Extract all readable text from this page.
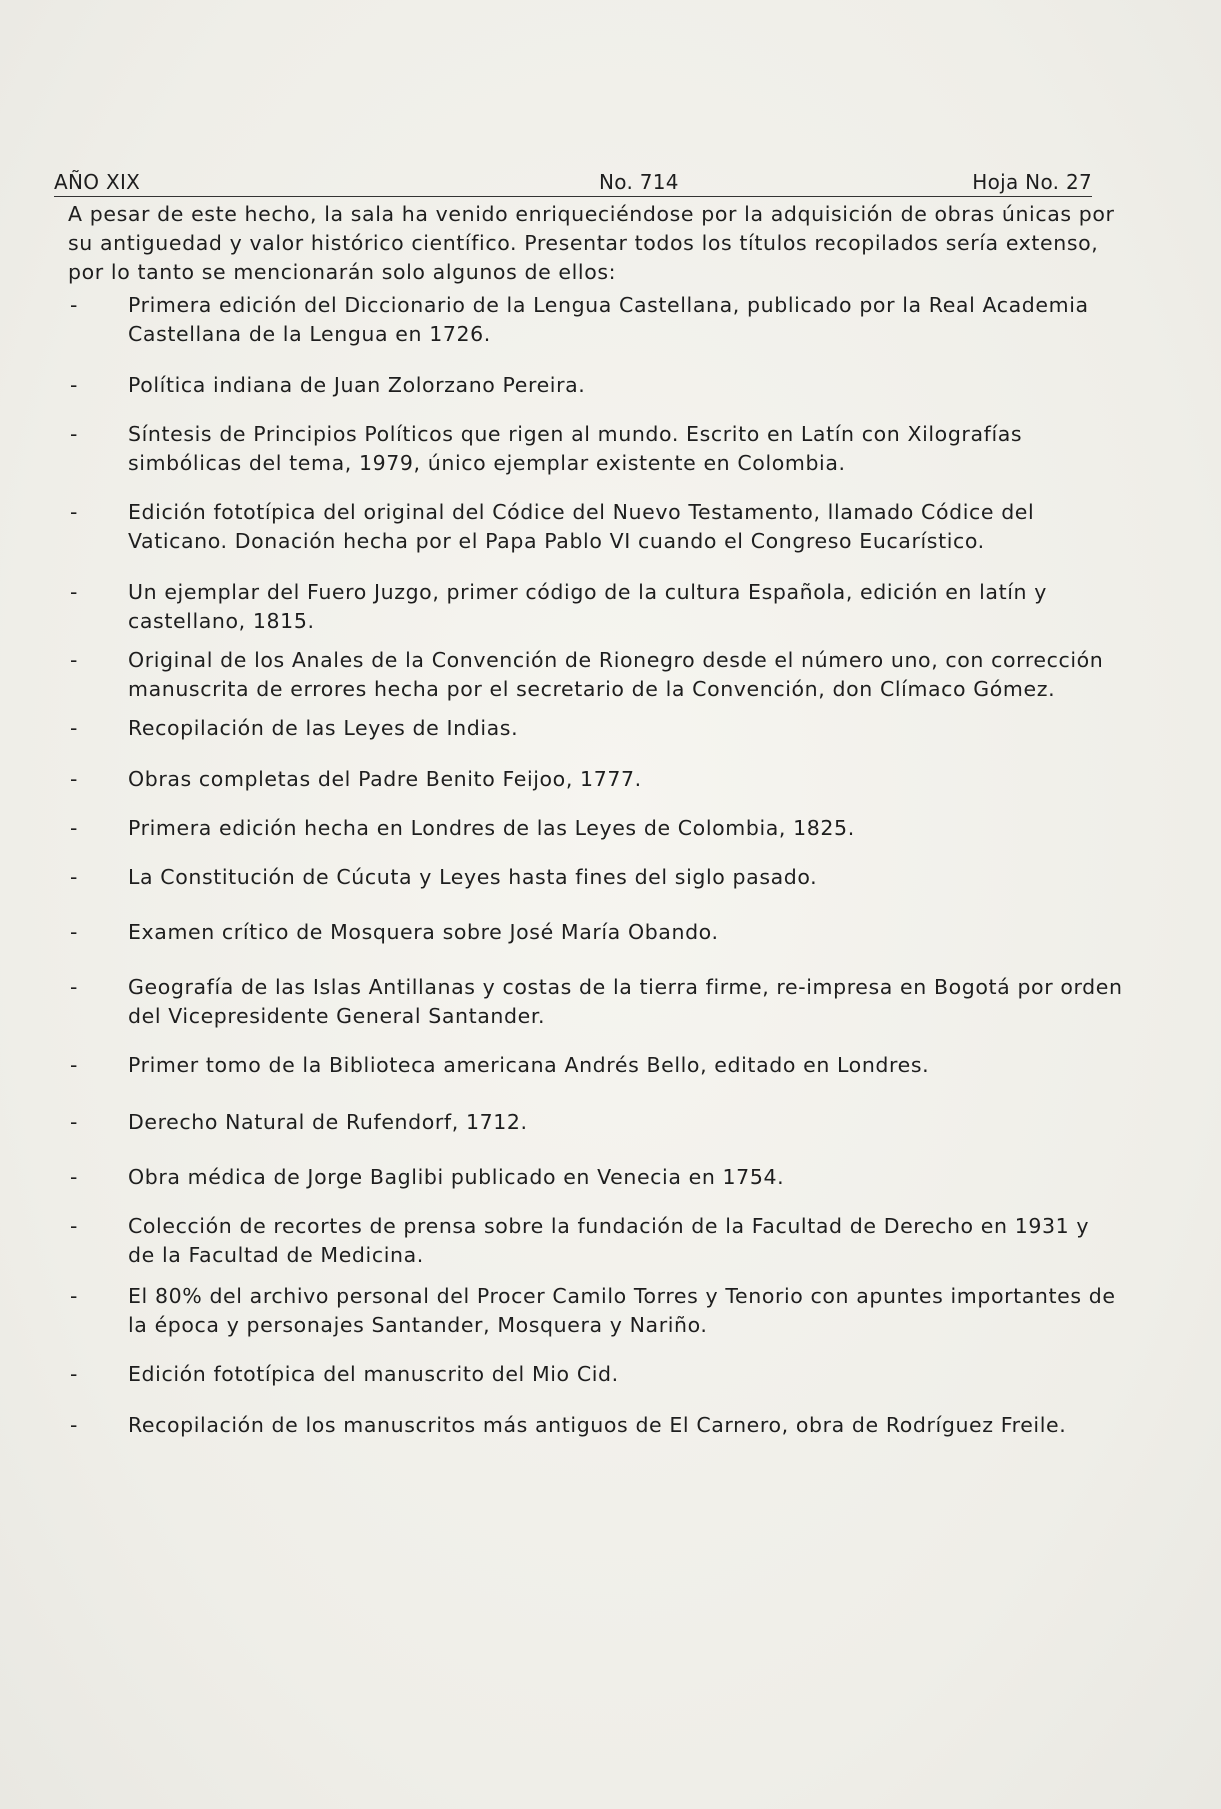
AÑO XIX	No. 714	Hoja No. 27

A pesar de este hecho, la sala ha venido enriqueciéndose por la adquisición de obras únicas por su antiguedad y valor histórico científico. Presentar todos los títulos recopilados sería extenso, por lo tanto se mencionarán solo algunos de ellos:

- Primera edición del Diccionario de la Lengua Castellana, publicado por la Real Academia Castellana de la Lengua en 1726.
- Política indiana de Juan Zolorzano Pereira.
- Síntesis de Principios Políticos que rigen al mundo. Escrito en Latín con Xilografías simbólicas del tema, 1979, único ejemplar existente en Colombia.
- Edición fototípica del original del Códice del Nuevo Testamento, llamado Códice del Vaticano. Donación hecha por el Papa Pablo VI cuando el Congreso Eucarístico.
- Un ejemplar del Fuero Juzgo, primer código de la cultura Española, edición en latín y castellano, 1815.
- Original de los Anales de la Convención de Rionegro desde el número uno, con corrección manuscrita de errores hecha por el secretario de la Convención, don Clímaco Gómez.
- Recopilación de las Leyes de Indias.
- Obras completas del Padre Benito Feijoo, 1777.
- Primera edición hecha en Londres de las Leyes de Colombia, 1825.
- La Constitución de Cúcuta y Leyes hasta fines del siglo pasado.
- Examen crítico de Mosquera sobre José María Obando.
- Geografía de las Islas Antillanas y costas de la tierra firme, re-impresa en Bogotá por orden del Vicepresidente General Santander.
- Primer tomo de la Biblioteca americana Andrés Bello, editado en Londres.
- Derecho Natural de Rufendorf, 1712.
- Obra médica de Jorge Baglibi publicado en Venecia en 1754.
- Colección de recortes de prensa sobre la fundación de la Facultad de Derecho en 1931 y de la Facultad de Medicina.
- El 80% del archivo personal del Procer Camilo Torres y Tenorio con apuntes importantes de la época y personajes Santander, Mosquera y Nariño.
- Edición fototípica del manuscrito del Mio Cid.
- Recopilación de los manuscritos más antiguos de El Carnero, obra de Rodríguez Freile.
